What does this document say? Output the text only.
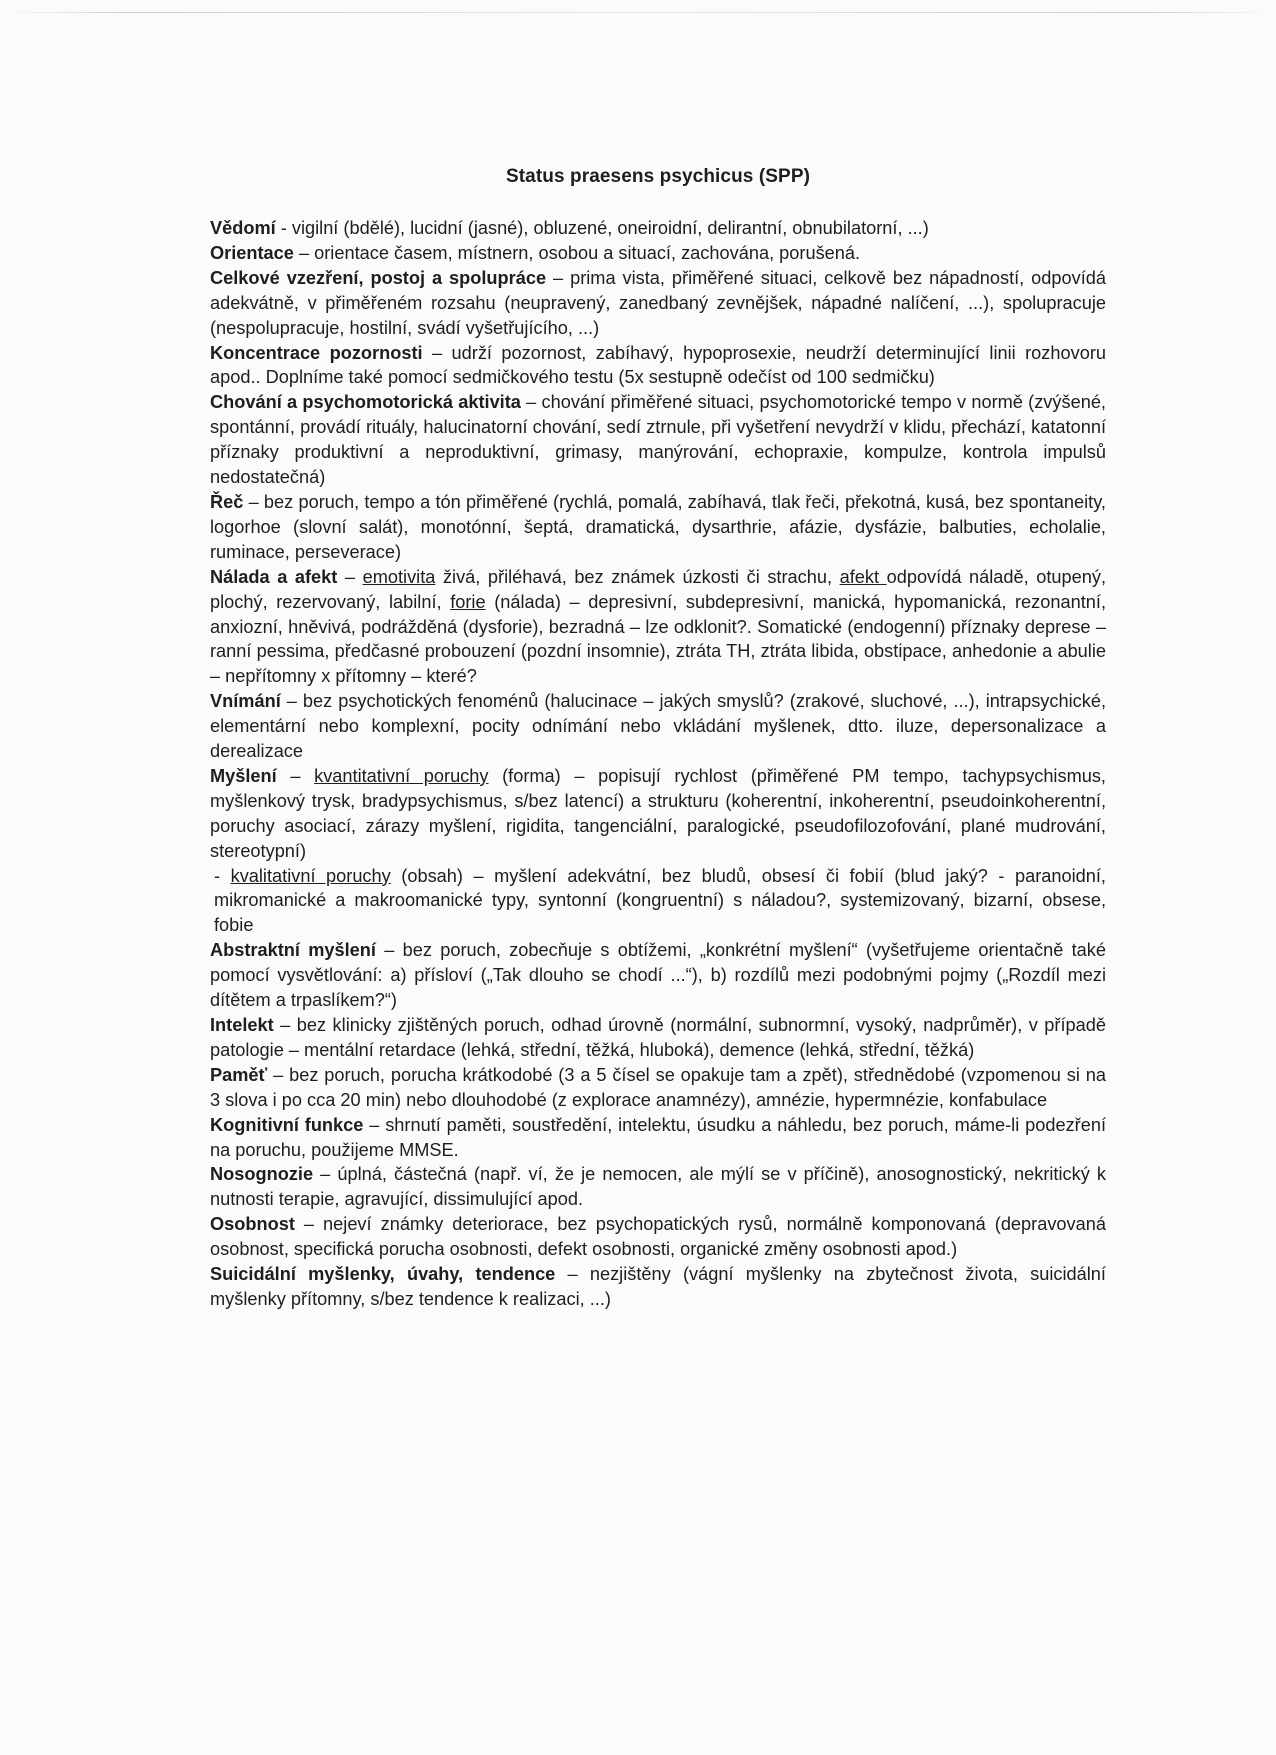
Status praesens psychicus (SPP)

Vědomí - vigilní (bdělé), lucidní (jasné), obluzené, oneiroidní, delirantní, obnubilatorní, ...)

Orientace – orientace časem, místnern, osobou a situací, zachována, porušená.

Celkové vzezření, postoj a spolupráce – prima vista, přiměřené situaci, celkově bez nápadností, odpovídá adekvátně, v přiměřeném rozsahu (neupravený, zanedbaný zevnějšek, nápadné nalíčení, ...), spolupracuje (nespolupracuje, hostilní, svádí vyšetřujícího, ...)

Koncentrace pozornosti – udrží pozornost, zabíhavý, hypoprosexie, neudrží determinující linii rozhovoru apod.. Doplníme také pomocí sedmičkového testu (5x sestupně odečíst od 100 sedmičku)

Chování a psychomotorická aktivita – chování přiměřené situaci, psychomotorické tempo v normě (zvýšené, spontánní, provádí rituály, halucinatorní chování, sedí ztrnule, při vyšetření nevydrží v klidu, přechází, katatonní příznaky produktivní a neproduktivní, grimasy, manýrování, echopraxie, kompulze, kontrola impulsů nedostatečná)

Řeč – bez poruch, tempo a tón přiměřené (rychlá, pomalá, zabíhavá, tlak řeči, překotná, kusá, bez spontaneity, logorhoe (slovní salát), monotónní, šeptá, dramatická, dysarthrie, afázie, dysfázie, balbuties, echolalie, ruminace, perseverace)

Nálada a afekt – emotivita živá, přiléhavá, bez známek úzkosti či strachu, afekt odpovídá náladě, otupený, plochý, rezervovaný, labilní, forie (nálada) – depresivní, subdepresivní, manická, hypomanická, rezonantní, anxiozní, hněvivá, podrážděná (dysforie), bezradná – lze odklonit?. Somatické (endogenní) příznaky deprese – ranní pessima, předčasné probouzení (pozdní insomnie), ztráta TH, ztráta libida, obstipace, anhedonie a abulie – nepřítomny x přítomny – které?

Vnímání – bez psychotických fenoménů (halucinace – jakých smyslů? (zrakové, sluchové, ...), intrapsychické, elementární nebo komplexní, pocity odnímání nebo vkládání myšlenek, dtto. iluze, depersonalizace a derealizace

Myšlení – kvantitativní poruchy (forma) – popisují rychlost (přiměřené PM tempo, tachypsychismus, myšlenkový trysk, bradypsychismus, s/bez latencí) a strukturu (koherentní, inkoherentní, pseudoinkoherentní, poruchy asociací, zárazy myšlení, rigidita, tangenciální, paralogické, pseudofilozofování, plané mudrování, stereotypní)

- kvalitativní poruchy (obsah) – myšlení adekvátní, bez bludů, obsesí či fobií (blud jaký? - paranoidní, mikromanické a makroomanické typy, syntonní (kongruentní) s náladou?, systemizovaný, bizarní, obsese, fobie

Abstraktní myšlení – bez poruch, zobecňuje s obtížemi, „konkrétní myšlení“ (vyšetřujeme orientačně také pomocí vysvětlování: a) přísloví („Tak dlouho se chodí ...“), b) rozdílů mezi podobnými pojmy („Rozdíl mezi dítětem a trpaslíkem?“)

Intelekt – bez klinicky zjištěných poruch, odhad úrovně (normální, subnormní, vysoký, nadprůměr), v případě patologie – mentální retardace (lehká, střední, těžká, hluboká), demence (lehká, střední, těžká)

Paměť – bez poruch, porucha krátkodobé (3 a 5 čísel se opakuje tam a zpět), střednědobé (vzpomenou si na 3 slova i po cca 20 min) nebo dlouhodobé (z explorace anamnézy), amnézie, hypermnézie, konfabulace

Kognitivní funkce – shrnutí paměti, soustředění, intelektu, úsudku a náhledu, bez poruch, máme-li podezření na poruchu, použijeme MMSE.

Nosognozie – úplná, částečná (např. ví, že je nemocen, ale mýlí se v příčině), anosognostický, nekritický k nutnosti terapie, agravující, dissimulující apod.

Osobnost – nejeví známky deteriorace, bez psychopatických rysů, normálně komponovaná (depravovaná osobnost, specifická porucha osobnosti, defekt osobnosti, organické změny osobnosti apod.)

Suicidální myšlenky, úvahy, tendence – nezjištěny (vágní myšlenky na zbytečnost života, suicidální myšlenky přítomny, s/bez tendence k realizaci, ...)
